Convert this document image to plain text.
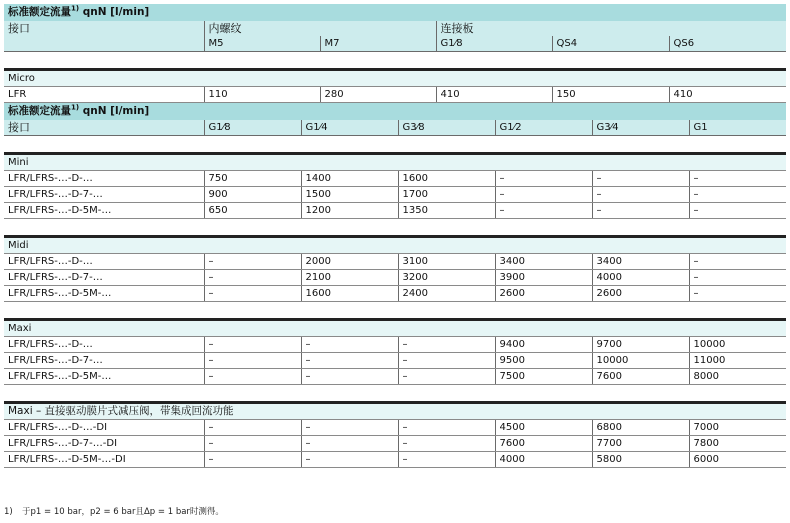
标准额定流量$^{1)}$ qnN [l/min]					
接口	内螺纹		连接板		
	M5	M7	G1⁄8	QS4	QS6

Micro					
LFR	110	280	410	150	410
标准额定流量$^{1)}$ qnN [l/min]						
接口	G1⁄8	G1⁄4	G3⁄8	G1⁄2	G3⁄4	G1

Mini						
LFR/LFRS-…-D-…	750	1400	1600	–	–	–
LFR/LFRS-…-D-7-…	900	1500	1700	–	–	–
LFR/LFRS-…-D-5M-…	650	1200	1350	–	–	–

Midi						
LFR/LFRS-…-D-…	–	2000	3100	3400	3400	–
LFR/LFRS-…-D-7-…	–	2100	3200	3900	4000	–
LFR/LFRS-…-D-5M-…	–	1600	2400	2600	2600	–

Maxi						
LFR/LFRS-…-D-…	–	–	–	9400	9700	10000
LFR/LFRS-…-D-7-…	–	–	–	9500	10000	11000
LFR/LFRS-…-D-5M-…	–	–	–	7500	7600	8000

Maxi – 直接驱动膜片式减压阀，带集成回流功能						
LFR/LFRS-…-D-…-DI	–	–	–	4500	6800	7000
LFR/LFRS-…-D-7-…-DI	–	–	–	7600	7700	7800
LFR/LFRS-…-D-5M-…-DI	–	–	–	4000	5800	6000
1) 于p1 = 10 bar，p2 = 6 bar且Δp = 1 bar时测得。
